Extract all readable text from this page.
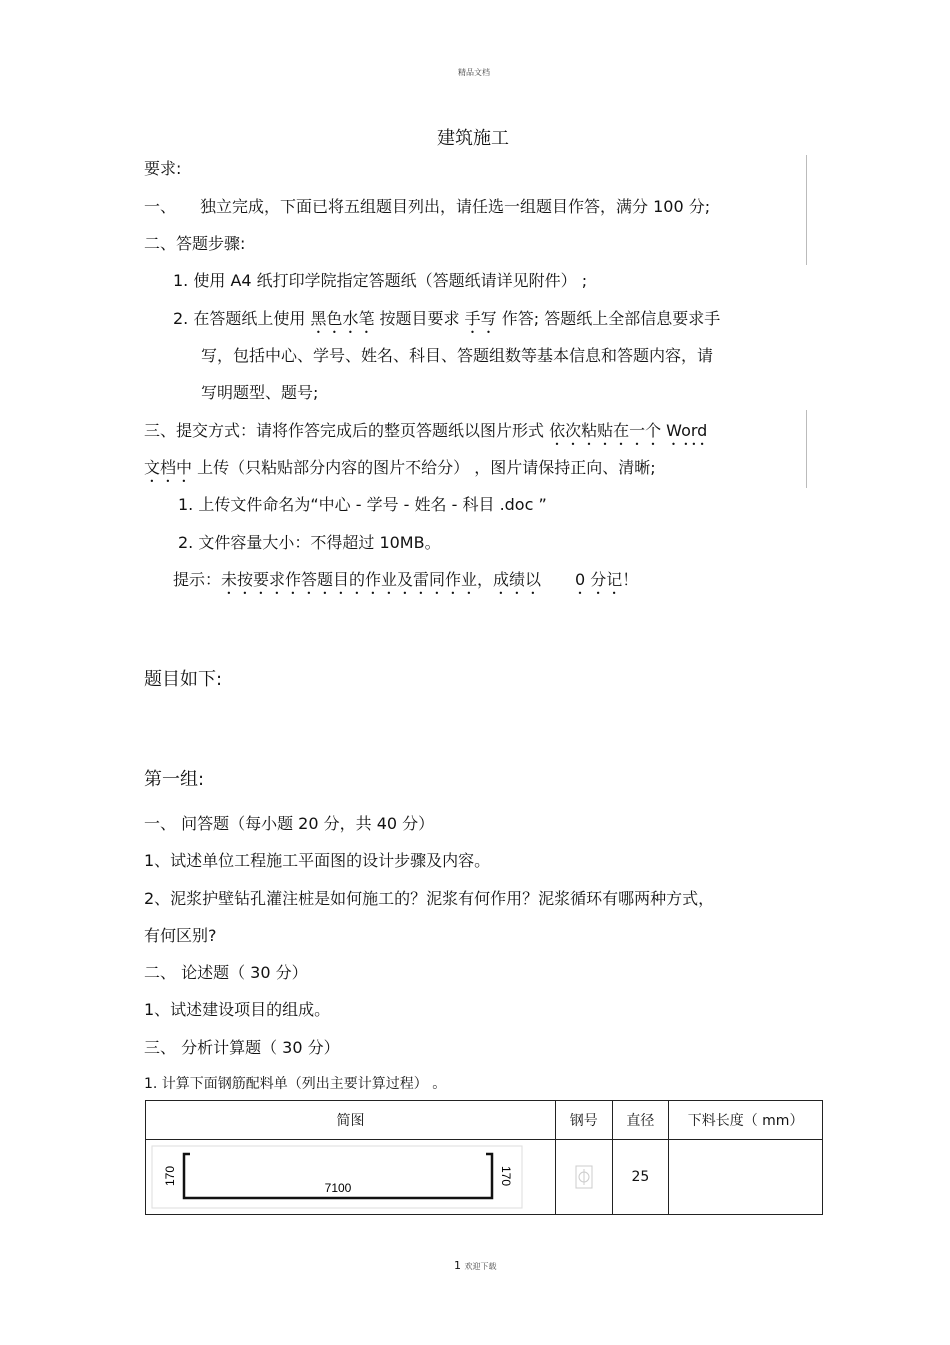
精品文档
建筑施工
要求:
一、　　独立完成，下面已将五组题目列出，请任选一组题目作答，满分 100 分;
二、答题步骤:
1. 使用 A4 纸打印学院指定答题纸（答题纸请详见附件） ;
2. 在答题纸上使用 黑色水笔 按题目要求 手写 作答; 答题纸上全部信息要求手
写，包括中心、学号、姓名、科目、答题组数等基本信息和答题内容，请
写明题型、题号;
三、提交方式：请将作答完成后的整页答题纸以图片形式 依次粘贴在一个 Word
文档中 上传（只粘贴部分内容的图片不给分） ，图片请保持正向、清晰;
1. 上传文件命名为“中心 - 学号 - 姓名 - 科目 .doc ”
2. 文件容量大小：不得超过 10MB。
提示：未按要求作答题目的作业及雷同作业，成绩以 0 分记！
题目如下:
第一组:
一、 问答题（每小题 20 分，共 40 分）
1、试述单位工程施工平面图的设计步骤及内容。
2、泥浆护壁钻孔灌注桩是如何施工的？泥浆有何作用？泥浆循环有哪两种方式，
有何区别?
二、 论述题（ 30 分）
1、试述建设项目的组成。
三、 分析计算题（ 30 分）
1. 计算下面钢筋配料单（列出主要计算过程） 。
简图	钢号	直径	下料长度（ mm）

170
7100
170		25	
1 欢迎下载
